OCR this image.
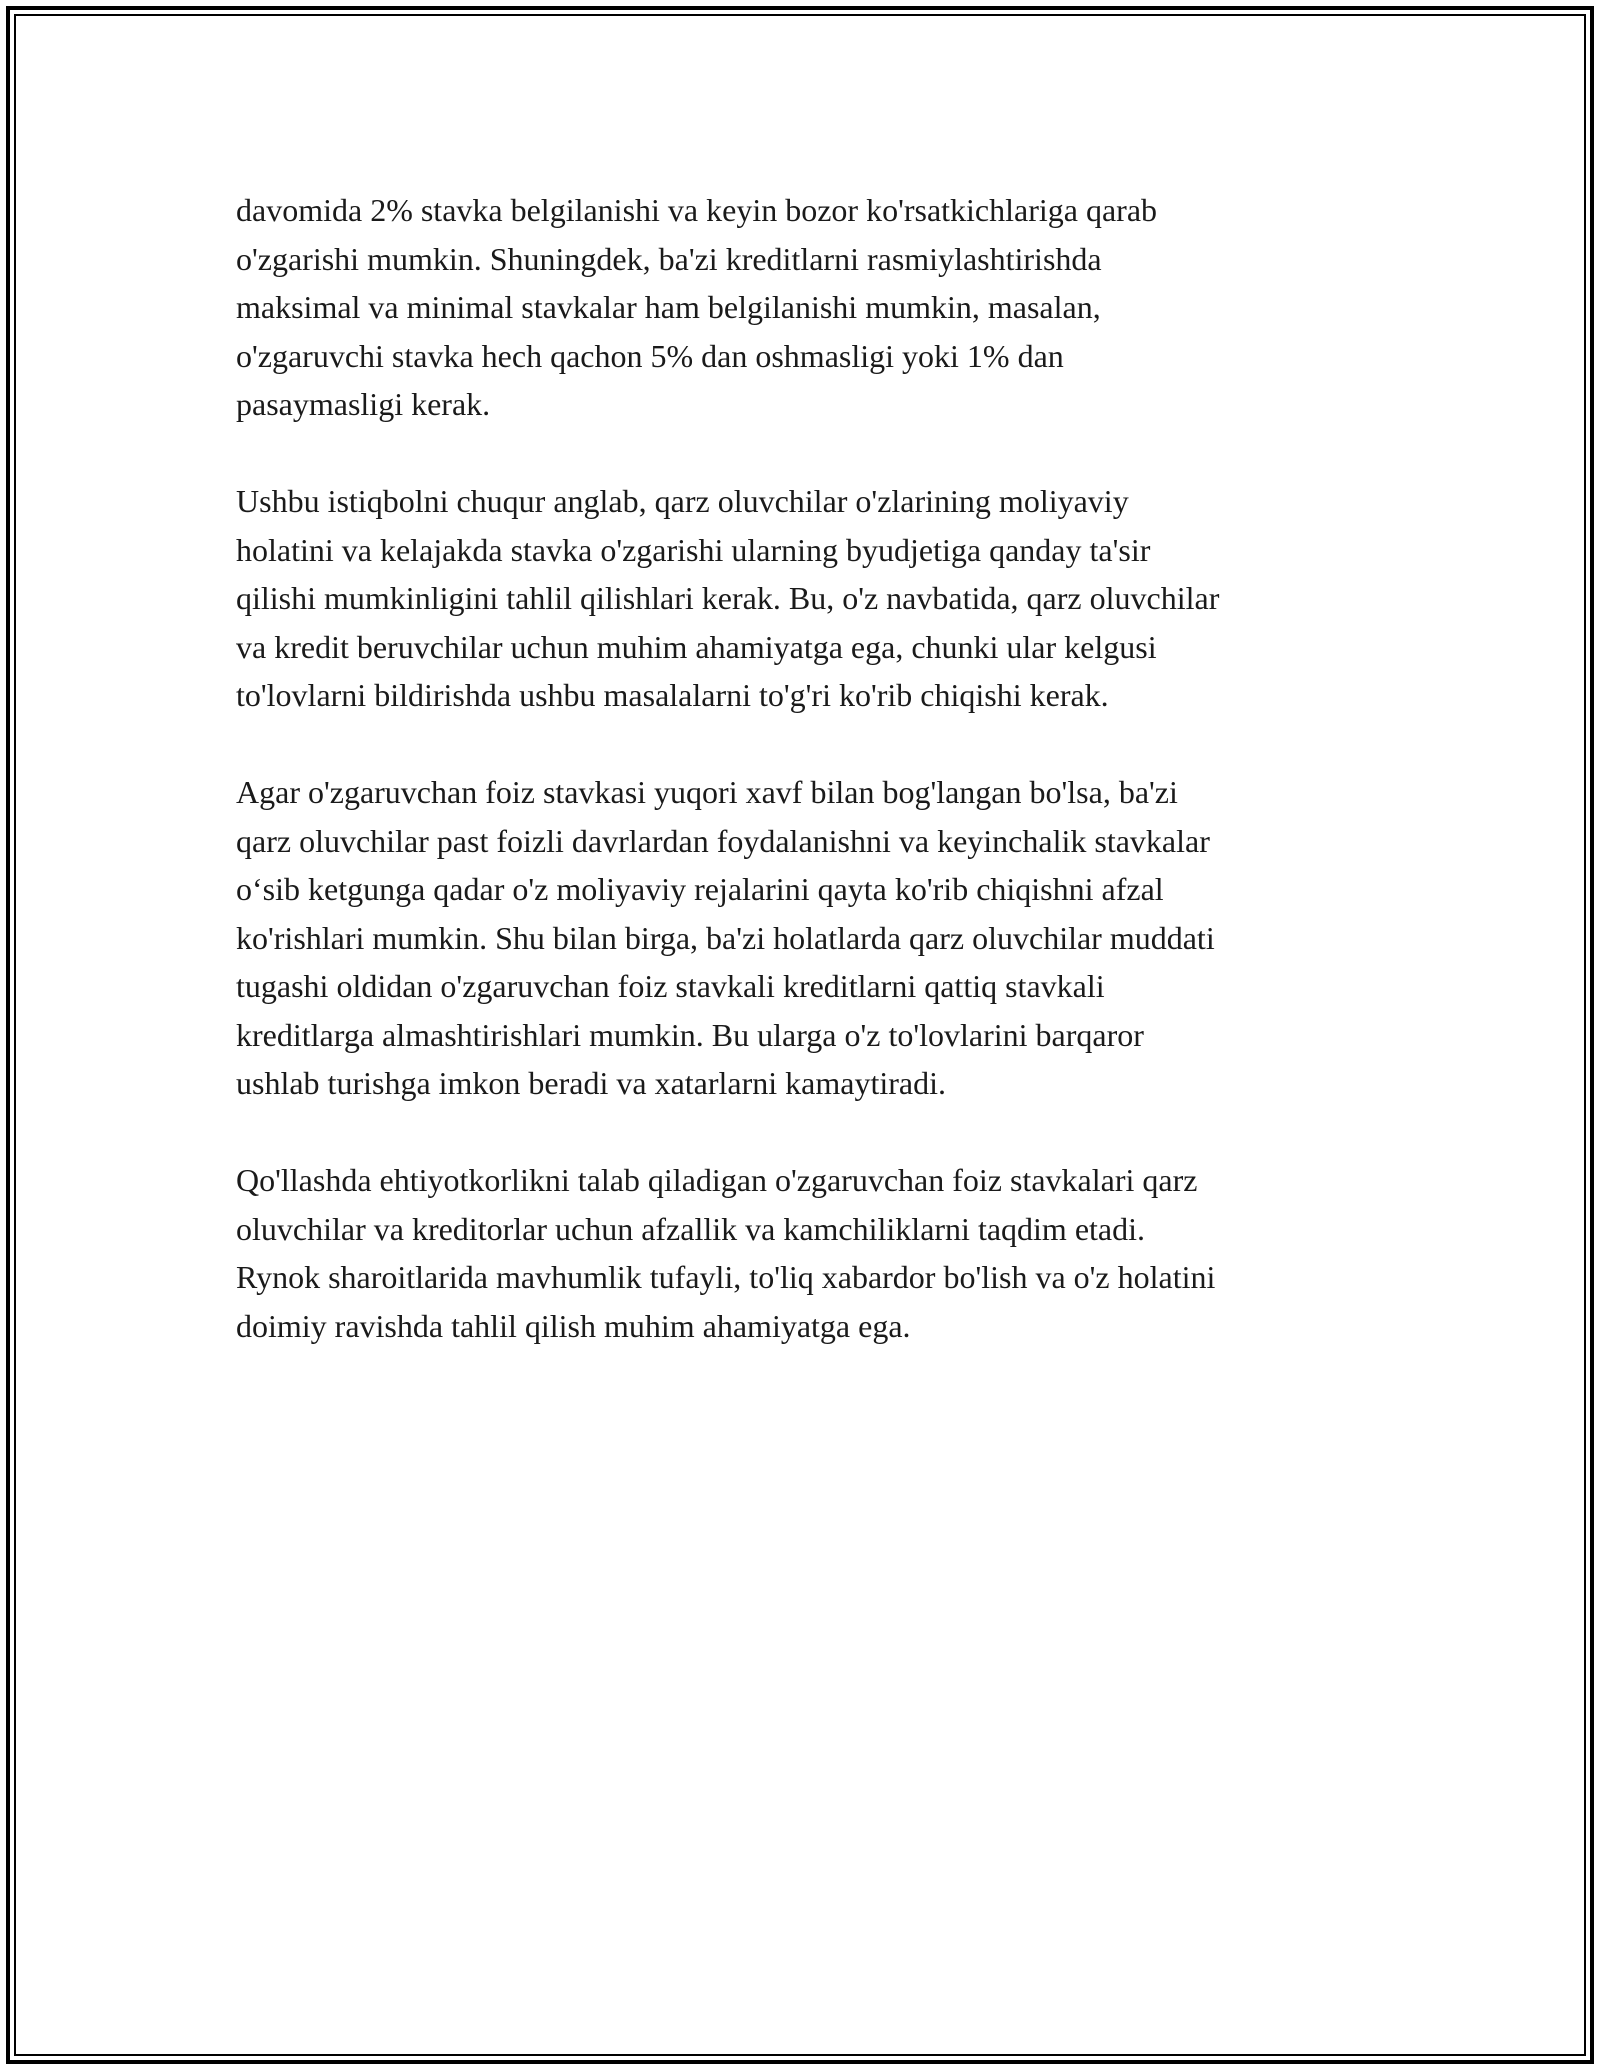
davomida 2% stavka belgilanishi va keyin bozor ko'rsatkichlariga qarab
o'zgarishi mumkin. Shuningdek, ba'zi kreditlarni rasmiylashtirishda
maksimal va minimal stavkalar ham belgilanishi mumkin, masalan,
o'zgaruvchi stavka hech qachon 5% dan oshmasligi yoki 1% dan
pasaymasligi kerak.

Ushbu istiqbolni chuqur anglab, qarz oluvchilar o'zlarining moliyaviy
holatini va kelajakda stavka o'zgarishi ularning byudjetiga qanday ta'sir
qilishi mumkinligini tahlil qilishlari kerak. Bu, o'z navbatida, qarz oluvchilar
va kredit beruvchilar uchun muhim ahamiyatga ega, chunki ular kelgusi
to'lovlarni bildirishda ushbu masalalarni to'g'ri ko'rib chiqishi kerak.

Agar o'zgaruvchan foiz stavkasi yuqori xavf bilan bog'langan bo'lsa, ba'zi
qarz oluvchilar past foizli davrlardan foydalanishni va keyinchalik stavkalar
o‘sib ketgunga qadar o'z moliyaviy rejalarini qayta ko'rib chiqishni afzal
ko'rishlari mumkin. Shu bilan birga, ba'zi holatlarda qarz oluvchilar muddati
tugashi oldidan o'zgaruvchan foiz stavkali kreditlarni qattiq stavkali
kreditlarga almashtirishlari mumkin. Bu ularga o'z to'lovlarini barqaror
ushlab turishga imkon beradi va xatarlarni kamaytiradi.

Qo'llashda ehtiyotkorlikni talab qiladigan o'zgaruvchan foiz stavkalari qarz
oluvchilar va kreditorlar uchun afzallik va kamchiliklarni taqdim etadi.
Rynok sharoitlarida mavhumlik tufayli, to'liq xabardor bo'lish va o'z holatini
doimiy ravishda tahlil qilish muhim ahamiyatga ega.
